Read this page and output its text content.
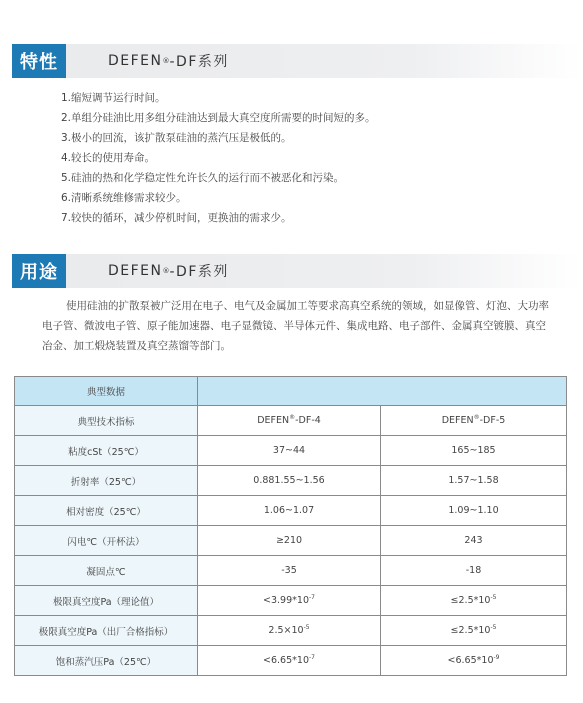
特性	DEFEN ® -DF系列
1.缩短调节运行时间。
2.单组分硅油比用多组分硅油达到最大真空度所需要的时间短的多。
3.极小的回流，该扩散泵硅油的蒸汽压是极低的。
4.较长的使用寿命。
5.硅油的热和化学稳定性允许长久的运行而不被恶化和污染。
6.清晰系统维修需求较少。
7.较快的循环，减少停机时间，更换油的需求少。
用途	DEFEN ® -DF系列

使用硅油的扩散泵被广泛用在电子、电气及金属加工等要求高真空系统的领域，如显像管、灯泡、大功率电子管、微波电子管、原子能加速器、电子显微镜、半导体元件、集成电路、电子部件、金属真空镀膜、真空冶金、加工煅烧装置及真空蒸馏等部门。

典型数据		
典型技术指标	DEFEN®-DF-4	DEFEN®-DF-5
粘度cSt（25℃）	37~44	165~185
折射率（25℃）	0.881.55~1.56	1.57~1.58
相对密度（25℃）	1.06~1.07	1.09~1.10
闪电℃（开杯法）	≥210	243
凝固点℃	-35	-18
极限真空度Pa（理论值）	$<3.99*10^{-7}$	$\le 2.5*10^{-5}$
极限真空度Pa（出厂合格指标）	$2.5\times 10^{-5}$	$\le 2.5*10^{-5}$
饱和蒸汽压Pa（25℃）	$<6.65*10^{-7}$	$<6.65*10^{-9}$
